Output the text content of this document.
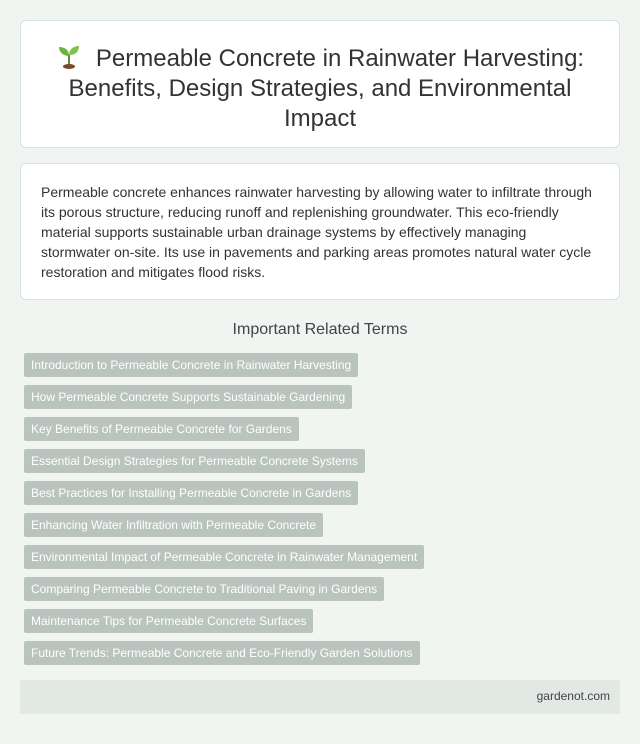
Permeable Concrete in Rainwater Harvesting: Benefits, Design Strategies, and Environmental Impact

Permeable concrete enhances rainwater harvesting by allowing water to infiltrate through its porous structure, reducing runoff and replenishing groundwater. This eco-friendly material supports sustainable urban drainage systems by effectively managing stormwater on-site. Its use in pavements and parking areas promotes natural water cycle restoration and mitigates flood risks.

Important Related Terms
Introduction to Permeable Concrete in Rainwater Harvesting
How Permeable Concrete Supports Sustainable Gardening
Key Benefits of Permeable Concrete for Gardens
Essential Design Strategies for Permeable Concrete Systems
Best Practices for Installing Permeable Concrete in Gardens
Enhancing Water Infiltration with Permeable Concrete
Environmental Impact of Permeable Concrete in Rainwater Management
Comparing Permeable Concrete to Traditional Paving in Gardens
Maintenance Tips for Permeable Concrete Surfaces
Future Trends: Permeable Concrete and Eco-Friendly Garden Solutions
gardenot.com
